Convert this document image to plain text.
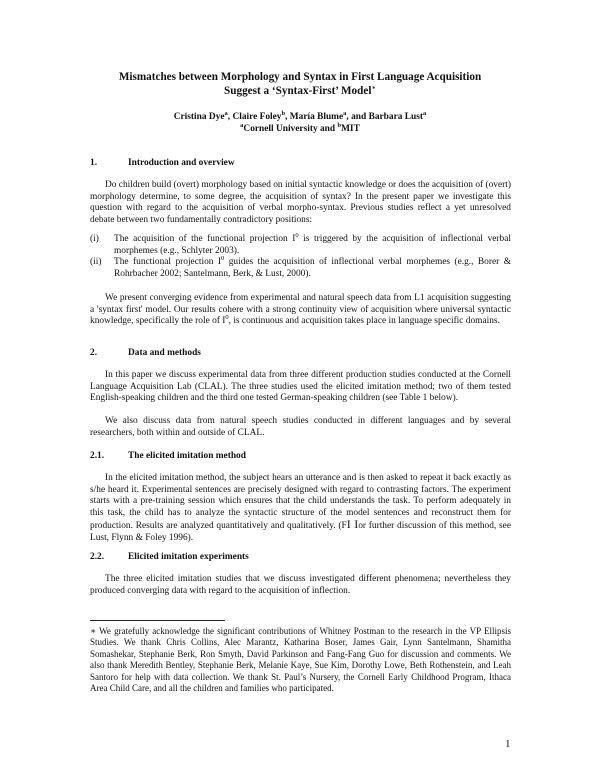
Mismatches between Morphology and Syntax in First Language Acquisition
Suggest a ‘Syntax-First’ Model∗
Cristina Dye$^a$, Claire Foley$^b$, María Blume$^a$, and Barbara Lust$^a$
$^a$Cornell University and $^b$MIT
1.	Introduction and overview
Do children build (overt) morphology based on initial syntactic knowledge or does the acquisition of (overt) morphology determine, to some degree, the acquisition of syntax? In the present paper we investigate this question with regard to the acquisition of verbal morpho-syntax. Previous studies reflect a yet unresolved debate between two fundamentally contradictory positions:
(i) The acquisition of the functional projection $I^0$ is triggered by the acquisition of inflectional verbal morphemes (e.g., Schlyter 2003).
(ii) The functional projection $I^0$ guides the acquisition of inflectional verbal morphemes (e.g., Borer & Rohrbacher 2002; Santelmann, Berk, & Lust, 2000).
We present converging evidence from experimental and natural speech data from L1 acquisition suggesting a 'syntax first' model. Our results cohere with a strong continuity view of acquisition where universal syntactic knowledge, specifically the role of $I^0$, is continuous and acquisition takes place in language specific domains.
2.	Data and methods
In this paper we discuss experimental data from three different production studies conducted at the Cornell Language Acquisition Lab (CLAL). The three studies used the elicited imitation method; two of them tested English-speaking children and the third one tested German-speaking children (see Table 1 below).
We also discuss data from natural speech studies conducted in different languages and by several researchers, both within and outside of CLAL.
2.1.	The elicited imitation method
In the elicited imitation method, the subject hears an utterance and is then asked to repeat it back exactly as s/he heard it. Experimental sentences are precisely designed with regard to contrasting factors. The experiment starts with a pre-training session which ensures that the child understands the task. To perform adequately in this task, the child has to analyze the syntactic structure of the model sentences and reconstruct them for production. Results are analyzed quantitatively and qualitatively. (FI Ior further discussion of this method, see Lust, Flynn & Foley 1996).
2.2.	Elicited imitation experiments
The three elicited imitation studies that we discuss investigated different phenomena; nevertheless they produced converging data with regard to the acquisition of inflection.
∗ We gratefully acknowledge the significant contributions of Whitney Postman to the research in the VP Ellipsis Studies. We thank Chris Collins, Alec Marantz, Katharina Boser, James Gair, Lynn Santelmann, Shamitha Somashekar, Stephanie Berk, Ron Smyth, David Parkinson and Fang-Fang Guo for discussion and comments. We also thank Meredith Bentley, Stephanie Berk, Melanie Kaye, Sue Kim, Dorothy Lowe, Beth Rothenstein, and Leah Santoro for help with data collection. We thank St. Paul’s Nursery, the Cornell Early Childhood Program, Ithaca Area Child Care, and all the children and families who participated.
1
